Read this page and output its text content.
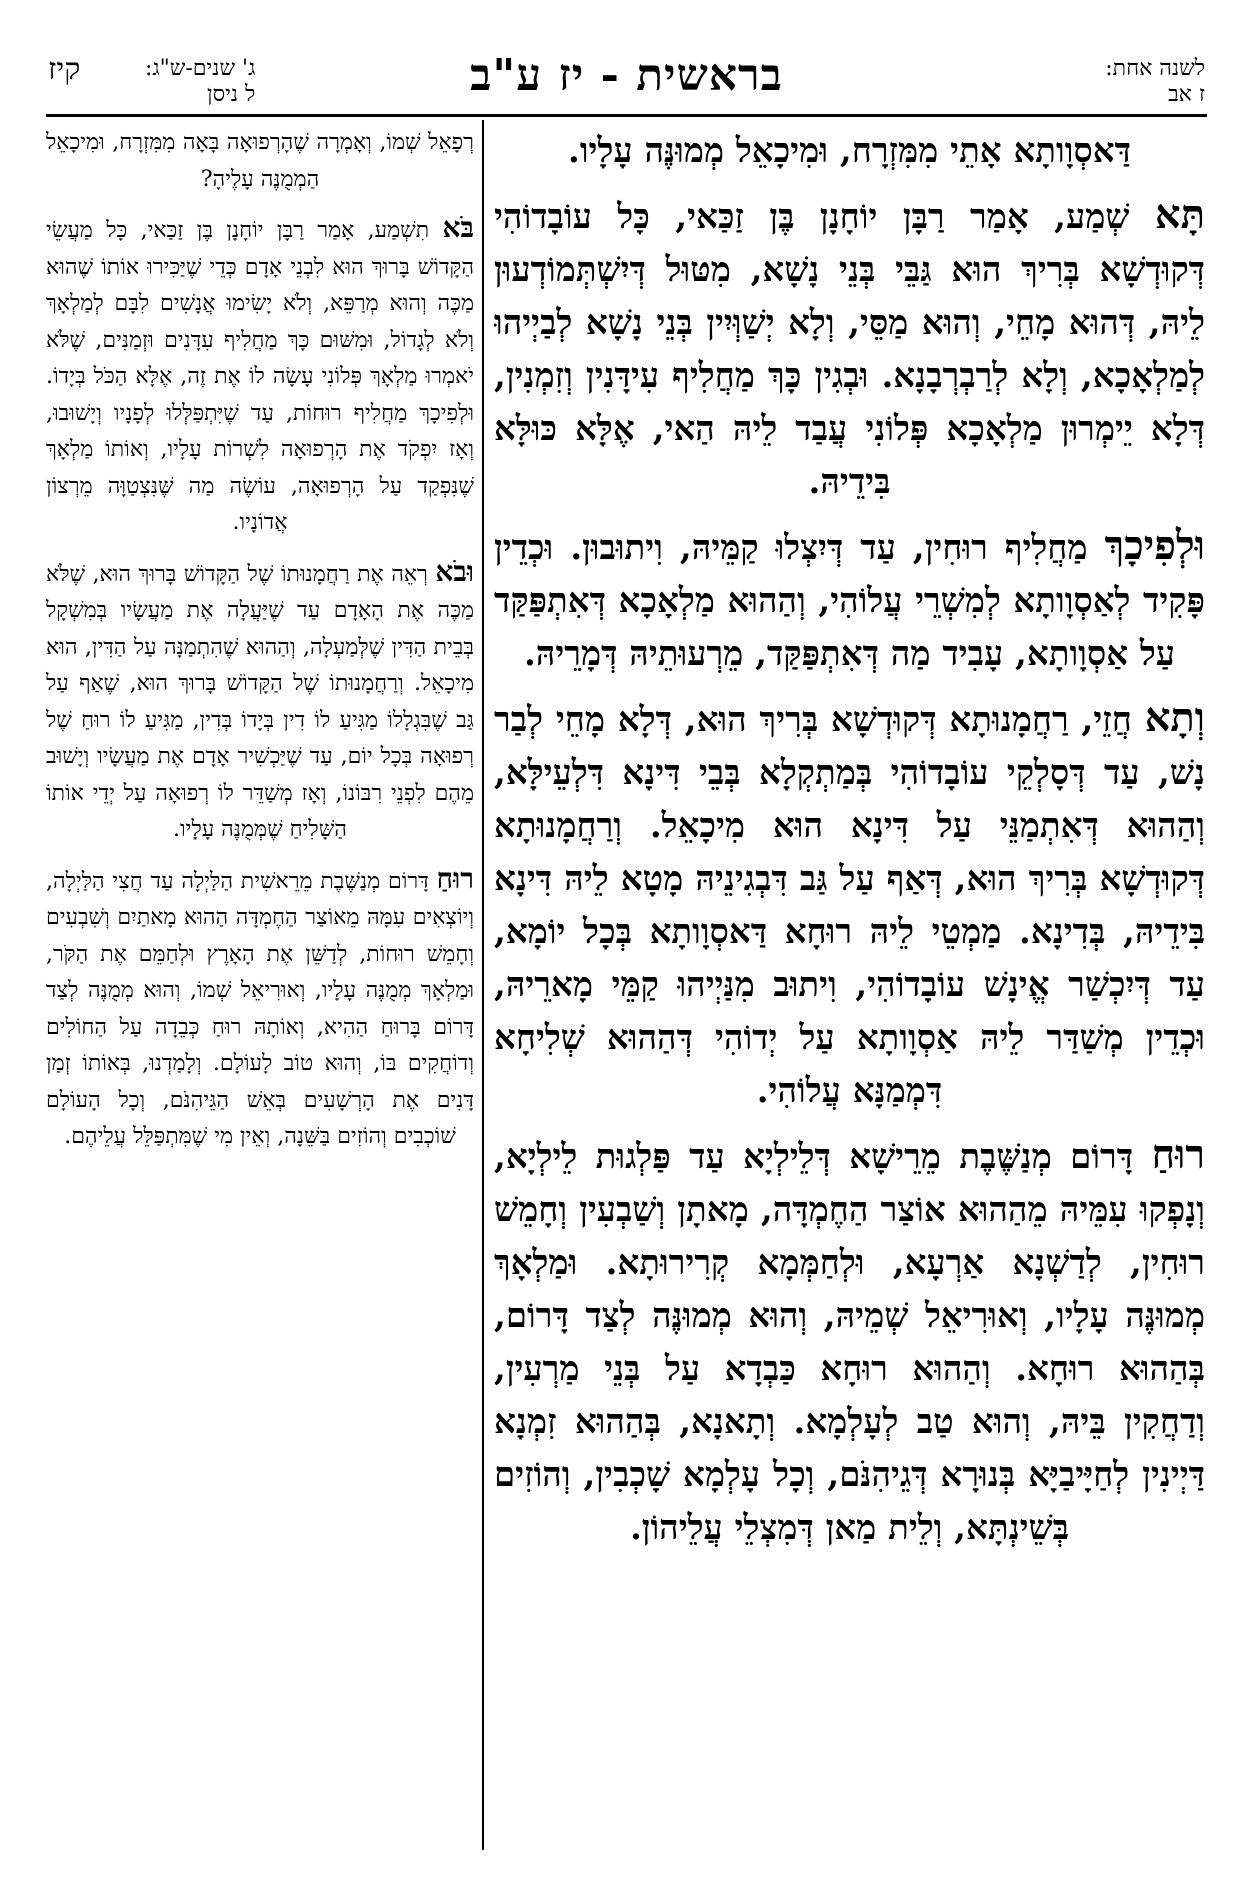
לשנה אחת:
ז אב
בראשית - יז ע"ב
ג' שנים-ש"ג:
ל ניסן
קיז

דַּאסְוָותָא אָתֵי מִמִּזְרָח, וּמִיכָאֵל מְמוּנֶּה עָלָיו.

תָּא שְׁמַע, אָמַר רַבָּן יוֹחָנָן בֶּן זַכַּאי, כָּל עוֹבָדוֹהִי דְּקוּדְשָׁא בְּרִיךְ הוּא גַּבֵּי בְּנֵי נָשָׁא, מִטּוּל דְּיִשְׁתְּמוֹדְעוּן לֵיהּ, דְּהוּא מָחֵי, וְהוּא מַסֵּי, וְלָא יְשַׁוְּיִין בְּנֵי נָשָׁא לְבַיְיהוּ לְמַלְאָכָא, וְלָא לְרַבְרְבָנָא. וּבְגִין כָּךְ מַחֲלִיף עִידָּנִין וְזִמְנִין, דְּלָא יֵימְרוּן מַלְאָכָא פְּלוֹנִי עֲבַד לֵיהּ הַאי, אֶלָּא כּוּלָּא בִּידֵיהּ.

וּלְפִיכָךְ מַחֲלִיף רוּחִין, עַד דְּיִצְלוּ קַמֵּיהּ, וִיתוּבוּן. וּכְדֵין פָּקִיד לְאַסְוָותָא לְמִשְׁרֵי עֲלוֹהִי, וְהַהוּא מַלְאָכָא דְּאִתְפַּקַּד עַל אַסְוָותָא, עָבִיד מַה דְּאִתְפַּקַּד, מֵרְעוּתֵיהּ דְּמָרֵיהּ.

וְתָא חֲזֵי, רַחֲמָנוּתָא דְּקוּדְשָׁא בְּרִיךְ הוּא, דְּלָא מָחֵי לְבַר נָשׁ, עַד דְּסָלְקֵי עוֹבָדוֹהִי בְּמַתְקְלָא בְּבֵי דִּינָא דִּלְעֵילָּא, וְהַהוּא דְּאִתְמַנֵּי עַל דִּינָא הוּא מִיכָאֵל. וְרַחֲמָנוּתָא דְּקוּדְשָׁא בְּרִיךְ הוּא, דְּאַף עַל גַּב דִּבְגִינֵיהּ מָטָא לֵיהּ דִּינָא בִּידֵיהּ, בְּדִינָא. מַמְטֵי לֵיהּ רוּחָא דַּאסְוָותָא בְּכָל יוֹמָא, עַד דְּיִכְשַׁר אֱינָשׁ עוֹבָדוֹהִי, וִיתוּב מִנַּיְיהוּ קַמֵּי מָארֵיהּ, וּכְדֵין מְשַׁדַּר לֵיהּ אַסְוָותָא עַל יְדוֹהִי דְּהַהוּא שְׁלִיחָא דִּמְמַנָּא עֲלוֹהִי.

רוּחַ דָּרוֹם מְנַשֶּׁבֶת מֵרֵישָׁא דְּלֵילְיָא עַד פַּלְגוּת לֵילְיָא, וְנָפְקוּ עִמֵּיהּ מֵהַהוּא אוֹצַר הַחֶמְדָּה, מָאתָן וְשַׁבְעִין וְחָמֵשׁ רוּחִין, לְדַשְׁנָא אַרְעָא, וּלְחַמְּמָא קְרִירוּתָא. וּמַלְאָךְ מְמוּנֶּה עָלָיו, וְאוּרִיאֵל שְׁמֵיהּ, וְהוּא מְמוּנֶּה לְצַד דָּרוֹם, בְּהַהוּא רוּחָא. וְהַהוּא רוּחָא כַּבְדָא עַל בְּנֵי מַרְעִין, וְדַחֲקִין בֵּיהּ, וְהוּא טַב לְעָלְמָא. וְתָאנָא, בְּהַהוּא זִמְנָא דַּיְינִין לְחַיָּיבַיָּא בְּנוּרָא דְּגֵיהִנֹּם, וְכָל עָלְמָא שָׁכְבִין, וְהוֹזִים בְּשֵׁינְתָּא, וְלֵית מַאן דְּמִצְלֵי עֲלֵיהוֹן.

רְפָאֵל שְׁמוֹ, וְאָמְרָה שֶׁהָרְפוּאָה בָּאָה מִמִּזְרָח, וּמִיכָאֵל הַמְמֻנֶּה עָלֶיהָ?

בֹּא תִשְׁמַע, אָמַר רַבָּן יוֹחָנָן בֶּן זַכַּאי, כָּל מַעֲשֵׂי הַקָּדוֹשׁ בָּרוּךְ הוּא לִבְנֵי אָדָם כְּדֵי שֶׁיַּכִּירוּ אוֹתוֹ שֶׁהוּא מַכֶּה וְהוּא מְרַפֵּא, וְלֹא יָשִׂימוּ אֲנָשִׁים לִבָּם לְמַלְאָךְ וְלֹא לְגָדוֹל, וּמִשּׁוּם כָּךְ מַחֲלִיף עִדָּנִים וּזְמַנִּים, שֶׁלֹּא יֹאמְרוּ מַלְאָךְ פְּלוֹנִי עָשָׂה לוֹ אֶת זֶה, אֶלָּא הַכֹּל בְּיָדוֹ. וּלְפִיכָךְ מַחֲלִיף רוּחוֹת, עַד שֶׁיִּתְפַּלְּלוּ לְפָנָיו וְיָשׁוּבוּ, וְאָז יִפְקֹד אֶת הָרְפוּאָה לִשְׁרוֹת עָלָיו, וְאוֹתוֹ מַלְאָךְ שֶׁנִּפְקַד עַל הָרְפוּאָה, עוֹשֶׂה מַה שֶּׁנִּצְטַוָּה מֵרְצוֹן אֲדוֹנָיו.

וּבֹא רְאֵה אֶת רַחֲמָנוּתוֹ שֶׁל הַקָּדוֹשׁ בָּרוּךְ הוּא, שֶׁלֹּא מַכֶּה אֶת הָאָדָם עַד שֶׁיַּעֲלָה אֶת מַעֲשָׂיו בְּמִשְׁקָל בְּבֵית הַדִּין שֶׁלְּמַעְלָה, וְהַהוּא שֶׁהִתְמַנָּה עַל הַדִּין, הוּא מִיכָאֵל. וְרַחֲמָנוּתוֹ שֶׁל הַקָּדוֹשׁ בָּרוּךְ הוּא, שֶׁאַף עַל גַּב שֶׁבִּגְלָלוֹ מַגִּיעַ לוֹ דִין בְּיָדוֹ בְּדִין, מַגִּיעַ לוֹ רוּחַ שֶׁל רְפוּאָה בְּכָל יוֹם, עַד שֶׁיַּכְשִׁיר אָדָם אֶת מַעֲשָׂיו וְיָשׁוּב מֵהֶם לִפְנֵי רִבּוֹנוֹ, וְאָז מְשַׁדֵּר לוֹ רְפוּאָה עַל יְדֵי אוֹתוֹ הַשָּׁלִיחַ שֶׁמְּמֻנֶּה עָלָיו.

רוּחַ דָּרוֹם מְנַשֶּׁבֶת מֵרֵאשִׁית הַלַּיְלָה עַד חֲצִי הַלַּיְלָה, וְיוֹצְאִים עִמָּהּ מֵאוֹצַר הַחֶמְדָּה הַהוּא מָאתַיִם וְשִׁבְעִים וְחָמֵשׁ רוּחוֹת, לְדַשֵּׁן אֶת הָאָרֶץ וּלְחַמֵּם אֶת הַקֹּר, וּמַלְאָךְ מְמֻנֶּה עָלָיו, וְאוּרִיאֵל שְׁמוֹ, וְהוּא מְמֻנֶּה לְצַד דָּרוֹם בָּרוּחַ הַהִיא, וְאוֹתָהּ רוּחַ כְּבֵדָה עַל הַחוֹלִים וְדוֹחֲקִים בּוֹ, וְהוּא טוֹב לָעוֹלָם. וְלָמַדְנוּ, בְּאוֹתוֹ זְמַן דָּנִים אֶת הָרְשָׁעִים בְּאֵשׁ הַגֵּיהִנֹּם, וְכָל הָעוֹלָם שׁוֹכְבִים וְהוֹזִים בַּשֵּׁנָה, וְאֵין מִי שֶׁמִּתְפַּלֵּל עֲלֵיהֶם.
